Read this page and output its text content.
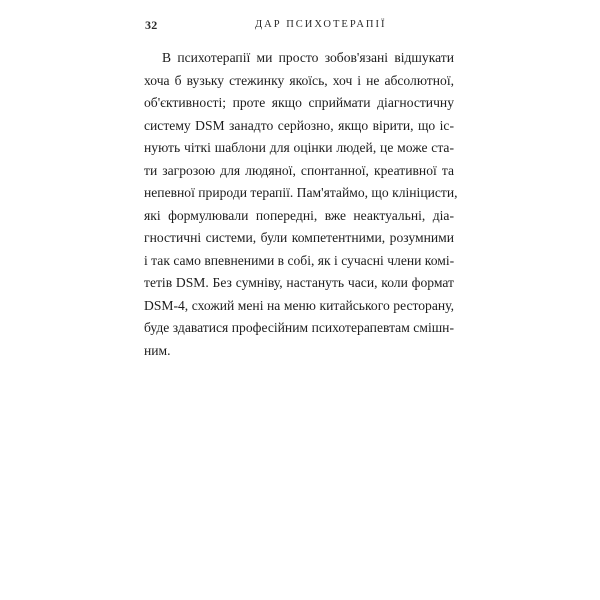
32	ДАР ПСИХОТЕРАПІЇ
В психотерапії ми просто зобов'язані відшукати
хоча б вузьку стежинку якоїсь, хоч і не абсолютної,
об'єктивності; проте якщо сприймати діагностичну
систему DSM занадто серйозно, якщо вірити, що іс-
нують чіткі шаблони для оцінки людей, це може ста-
ти загрозою для людяної, спонтанної, креативної та
непевної природи терапії. Пам'ятаймо, що клініцисти,
які формулювали попередні, вже неактуальні, діа-
гностичні системи, були компетентними, розумними
і так само впевненими в собі, як і сучасні члени комі-
тетів DSM. Без сумніву, настануть часи, коли формат
DSM-4, схожий мені на меню китайського ресторану,
буде здаватися професійним психотерапевтам смішн-
ним.
